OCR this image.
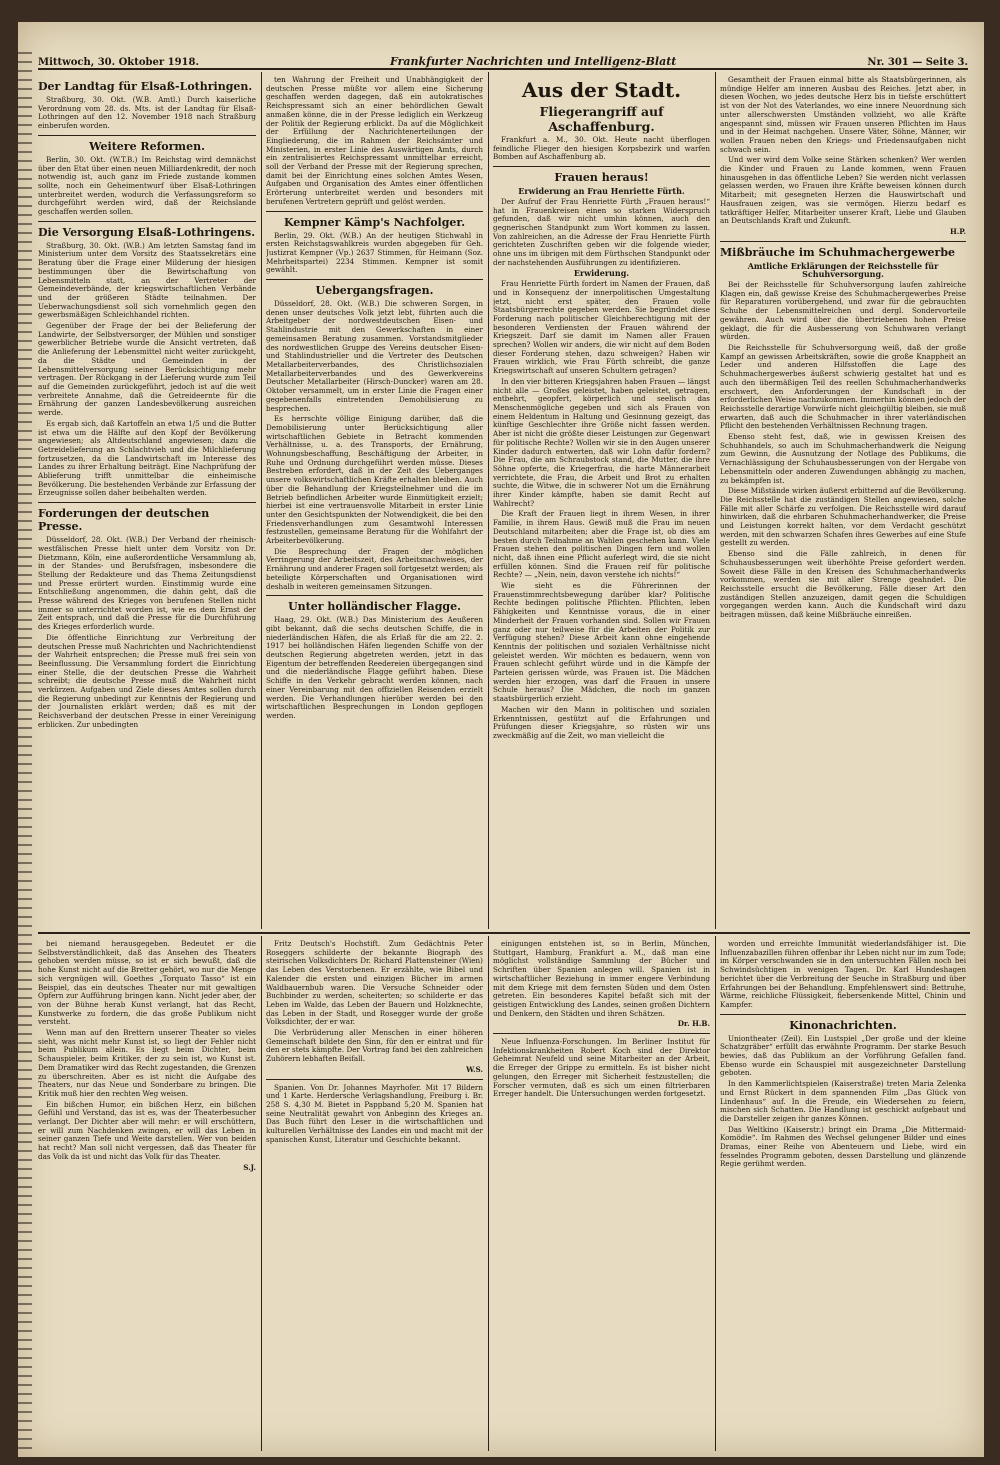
Mittwoch, 30. Oktober 1918.	Frankfurter Nachrichten und Intelligenz-Blatt	Nr. 301 — Seite 3.
Der Landtag für Elsaß-Lothringen.

Straßburg, 30. Okt. (W.B. Amtl.) Durch kaiserliche Verordnung vom 28. ds. Mts. ist der Landtag für Elsaß-Lothringen auf den 12. November 1918 nach Straßburg einberufen worden.

Weitere Reformen.

Berlin, 30. Okt. (W.T.B.) Im Reichstag wird demnächst über den Etat über einen neuen Milliardenkredit, der noch notwendig ist, auch ganz im Friede zustande kommen sollte, noch ein Geheimentwurf über Elsaß-Lothringen unterbreitet werden, wodurch die Verfassungsreform so durchgeführt werden wird, daß der Reichslande geschaffen werden sollen.

Die Versorgung Elsaß-Lothringens.

Straßburg, 30. Okt. (W.B.) Am letzten Samstag fand im Ministerium unter dem Vorsitz des Staatssekretärs eine Beratung über die Frage einer Milderung der hiesigen bestimmungen über die Bewirtschaftung von Lebensmitteln statt, an der Vertreter der Gemeindeverbände, der kriegswirtschaftlichen Verbände und der größeren Städte teilnahmen. Der Ueberwachungsdienst soll sich vornehmlich gegen den gewerbsmäßigen Schleichhandel richten.

Gegenüber der Frage der bei der Belieferung der Landwirte, der Selbstversorger, der Mühlen und sonstiger gewerblicher Betriebe wurde die Ansicht vertreten, daß die Anlieferung der Lebensmittel nicht weiter zurückgeht, da die Städte und Gemeinden in der Lebensmittelversorgung seiner Berücksichtigung mehr vertragen. Der Rückgang in der Lieferung wurde zum Teil auf die Gemeinden zurückgeführt, jedoch ist auf die weit verbreitete Annahme, daß die Getreideernte für die Ernährung der ganzen Landesbevölkerung ausreichen werde.

Es ergab sich, daß Kartoffeln an etwa 1/5 und die Butter ist etwa um die Hälfte auf den Kopf der Bevölkerung angewiesen; als Altdeutschland angewiesen; dazu die Getreidelieferung an Schlachtvieh und die Milchlieferung fortzusetzen, da die Landwirtschaft im Interesse des Landes zu ihrer Erhaltung beiträgt. Eine Nachprüfung der Ablieferung trifft unmittelbar die einheimische Bevölkerung. Die bestehenden Verbände zur Erfassung der Erzeugnisse sollen daher beibehalten werden.

Forderungen der deutschen Presse.

Düsseldorf, 28. Okt. (W.B.) Der Verband der rheinisch-westfälischen Presse hielt unter dem Vorsitz von Dr. Dietzmann, Köln, eine außerordentliche Versammlung ab, in der Standes- und Berufsfragen, insbesondere die Stellung der Redakteure und das Thema Zeitungsdienst und Presse erörtert wurden. Einstimmig wurde eine Entschließung angenommen, die dahin geht, daß die Presse während des Krieges von berufenen Stellen nicht immer so unterrichtet worden ist, wie es dem Ernst der Zeit entsprach, und daß die Presse für die Durchführung des Krieges erforderlich wurde.

Die öffentliche Einrichtung zur Verbreitung der deutschen Presse muß Nachrichten und Nachrichtendienst der Wahrheit entsprechen; die Presse muß frei sein von Beeinflussung. Die Versammlung fordert die Einrichtung einer Stelle, die der deutschen Presse die Wahrheit schreibt; die deutsche Presse muß die Wahrheit nicht verkürzen. Aufgaben und Ziele dieses Amtes sollen durch die Regierung unbedingt zur Kenntnis der Regierung und der Journalisten erklärt werden; daß es mit der Reichsverband der deutschen Presse in einer Vereinigung erblicken. Zur unbedingten

ten Wahrung der Freiheit und Unabhängigkeit der deutschen Presse müßte vor allem eine Sicherung geschaffen werden dagegen, daß ein autokratisches Reichspressamt sich an einer behördlichen Gewalt anmaßen könne, die in der Presse lediglich ein Werkzeug der Politik der Regierung erblickt. Da auf die Möglichkeit der Erfüllung der Nachrichtenerteilungen der Eingliederung, die im Rahmen der Reichsämter und Ministerien, in erster Linie des Auswärtigen Amts, durch ein zentralisiertes Reichspressamt unmittelbar erreicht, soll der Verband der Presse mit der Regierung sprechen, damit bei der Einrichtung eines solchen Amtes Wesen, Aufgaben und Organisation des Amtes einer öffentlichen Erörterung unterbreitet werden und besonders mit berufenen Vertretern geprüft und gelöst werden.

Kempner Kämp's Nachfolger.

Berlin, 29. Okt. (W.B.) An der heutigen Stichwahl in ersten Reichstagswahlkreis wurden abgegeben für Geh. Justizrat Kempner (Vp.) 2637 Stimmen, für Heimann (Soz. Mehrheitspartei) 2234 Stimmen. Kempner ist somit gewählt.

Uebergangsfragen.

Düsseldorf, 28. Okt. (W.B.) Die schweren Sorgen, in denen unser deutsches Volk jetzt lebt, führten auch die Arbeitgeber der nordwestdeutschen Eisen- und Stahlindustrie mit den Gewerkschaften in einer gemeinsamen Beratung zusammen. Vorstandsmitglieder des nordwestlichen Gruppe des Vereins deutscher Eisen- und Stahlindustrieller und die Vertreter des Deutschen Metallarbeiterverbandes, des Christlichsozialen Metallarbeiterverbandes und des Gewerkvereins Deutscher Metallarbeiter (Hirsch-Duncker) waren am 28. Oktober versammelt, um in erster Linie die Fragen einer gegebenenfalls eintretenden Demobilisierung zu besprechen.

Es herrschte völlige Einigung darüber, daß die Demobilisierung unter Berücksichtigung aller wirtschaftlichen Gebiete in Betracht kommenden Verhältnisse, u. a. des Transports, der Ernährung, Wohnungsbeschaffung, Beschäftigung der Arbeiter, in Ruhe und Ordnung durchgeführt werden müsse. Dieses Bestreben erfordert, daß in der Zeit des Ueberganges unsere volkswirtschaftlichen Kräfte erhalten bleiben. Auch über die Behandlung der Kriegsteilnehmer und die im Betrieb befindlichen Arbeiter wurde Einmütigkeit erzielt; hierbei ist eine vertrauensvolle Mitarbeit in erster Linie unter den Gesichtspunkten der Notwendigkeit, die bei den Friedensverhandlungen zum Gesamtwohl Interessen festzustellen, gemeinsame Beratung für die Wohlfahrt der Arbeiterbevölkerung.

Die Besprechung der Fragen der möglichen Verringerung der Arbeitszeit, des Arbeitsnachweises, der Ernährung und anderer Fragen soll fortgesetzt werden; als beteiligte Körperschaften und Organisationen wird deshalb in weiteren gemeinsamen Sitzungen.

Unter holländischer Flagge.

Haag, 29. Okt. (W.B.) Das Ministerium des Aeußeren gibt bekannt, daß die sechs deutschen Schiffe, die in niederländischen Häfen, die als Erlaß für die am 22. 2. 1917 bei holländischen Häfen liegenden Schiffe von der deutschen Regierung abgetreten werden, jetzt in das Eigentum der betreffenden Reedereien übergegangen sind und die niederländische Flagge geführt haben. Diese Schiffe in den Verkehr gebracht werden können, nach einer Vereinbarung mit den offiziellen Reisenden erzielt werden. Die Verhandlungen hierüber werden bei den wirtschaftlichen Besprechungen in London gepflogen werden.

Aus der Stadt.
Fliegerangriff auf Aschaffenburg.

Frankfurt a. M., 30. Okt. Heute nacht überflogen feindliche Flieger den hiesigen Korpsbezirk und warfen Bomben auf Aschaffenburg ab.

Frauen heraus!
Erwiderung an Frau Henriette Fürth.

Der Aufruf der Frau Henriette Fürth „Frauen heraus!“ hat in Frauenkreisen einen so starken Widerspruch gefunden, daß wir nicht umhin können, auch den gegnerischen Standpunkt zum Wort kommen zu lassen. Von zahlreichen, an die Adresse der Frau Henriette Fürth gerichteten Zuschriften geben wir die folgende wieder, ohne uns im übrigen mit dem Fürthschen Standpunkt oder der nachstehenden Ausführungen zu identifizieren.

Erwiderung.

Frau Henriette Fürth fordert im Namen der Frauen, daß und in Konsequenz der innerpolitischen Umgestaltung jetzt, nicht erst später, den Frauen volle Staatsbürgerrechte gegeben werden. Sie begründet diese Forderung nach politischer Gleichberechtigung mit der besonderen Verdiensten der Frauen während der Kriegszeit. Darf sie damit im Namen aller Frauen sprechen? Wollen wir anders, die wir nicht auf dem Boden dieser Forderung stehen, dazu schweigen? Haben wir Frauen wirklich, wie Frau Fürth schreibt, die ganze Kriegswirtschaft auf unseren Schultern getragen?

In den vier bitteren Kriegsjahren haben Frauen — längst nicht alle — Großes geleistet, haben geleistet, getragen, entbehrt, geopfert, körperlich und seelisch das Menschenmögliche gegeben und sich als Frauen von einem Heldentum in Haltung und Gesinnung gezeigt, das künftige Geschlechter ihre Größe nicht fassen werden. Aber ist nicht die größte dieser Leistungen zur Gegenwart für politische Rechte? Wollen wir sie in den Augen unserer Kinder dadurch entwerten, daß wir Lohn dafür fordern? Die Frau, die am Schraubstock stand, die Mutter, die ihre Söhne opferte, die Kriegerfrau, die harte Männerarbeit verrichtete, die Frau, die Arbeit und Brot zu erhalten suchte, die Witwe, die in schwerer Not um die Ernährung ihrer Kinder kämpfte, haben sie damit Recht auf Wahlrecht?

Die Kraft der Frauen liegt in ihrem Wesen, in ihrer Familie, in ihrem Haus. Gewiß muß die Frau im neuen Deutschland mitarbeiten; aber die Frage ist, ob dies am besten durch Teilnahme an Wahlen geschehen kann. Viele Frauen stehen den politischen Dingen fern und wollen nicht, daß ihnen eine Pflicht auferlegt wird, die sie nicht erfüllen können. Sind die Frauen reif für politische Rechte? — „Nein, nein, davon verstehe ich nichts!“

Wie sieht es die Führerinnen der Frauenstimmrechtsbewegung darüber klar? Politische Rechte bedingen politische Pflichten. Pflichten, leben Fähigkeiten und Kenntnisse voraus, die in einer Minderheit der Frauen vorhanden sind. Sollen wir Frauen ganz oder nur teilweise für die Arbeiten der Politik zur Verfügung stehen? Diese Arbeit kann ohne eingehende Kenntnis der politischen und sozialen Verhältnisse nicht geleistet werden. Wir möchten es bedauern, wenn von Frauen schlecht geführt würde und in die Kämpfe der Parteien gerissen würde, was Frauen ist. Die Mädchen werden hier erzogen, was darf die Frauen in unsere Schule heraus? Die Mädchen, die noch im ganzen staatsbürgerlich erzieht.

Machen wir den Mann in politischen und sozialen Erkenntnissen, gestützt auf die Erfahrungen und Prüfungen dieser Kriegsjahre, so rüsten wir uns zweckmäßig auf die Zeit, wo man vielleicht die

Gesamtheit der Frauen einmal bitte als Staatsbürgerinnen, als mündige Helfer am inneren Ausbau des Reiches. Jetzt aber, in diesen Wochen, wo jedes deutsche Herz bis in tiefste erschüttert ist von der Not des Vaterlandes, wo eine innere Neuordnung sich unter allerschwersten Umständen vollzieht, wo alle Kräfte angespannt sind, müssen wir Frauen unseren Pflichten im Haus und in der Heimat nachgehen. Unsere Väter, Söhne, Männer, wir wollen Frauen neben den Kriegs- und Friedensaufgaben nicht schwach sein.

Und wer wird dem Volke seine Stärken schenken? Wer werden die Kinder und Frauen zu Lande kommen, wenn Frauen hinausgehen in das öffentliche Leben? Sie werden nicht verlassen gelassen werden, wo Frauen ihre Kräfte beweisen können durch Mitarbeit; mit gesegneten Herzen die Hauswirtschaft und Hausfrauen zeigen, was sie vermögen. Hierzu bedarf es tatkräftiger Helfer, Mitarbeiter unserer Kraft, Liebe und Glauben an Deutschlands Kraft und Zukunft.

H.P.
Mißbräuche im Schuhmachergewerbe
Amtliche Erklärungen der Reichsstelle für Schuhversorgung.

Bei der Reichsstelle für Schuhversorgung laufen zahlreiche Klagen ein, daß gewisse Kreise des Schuhmachergewerbes Preise für Reparaturen vorübergehend, und zwar für die gebrauchten Schuhe der Lebensmittelreichen und dergl. Sondervorteile gewähren. Auch wird über die übertriebenen hohen Preise geklagt, die für die Ausbesserung von Schuhwaren verlangt würden.

Die Reichsstelle für Schuhversorgung weiß, daß der große Kampf an gewissen Arbeitskräften, sowie die große Knappheit an Leder und anderen Hilfsstoffen die Lage des Schuhmachergewerbes äußerst schwierig gestaltet hat und es auch den übermäßigen Teil des reellen Schuhmacherhandwerks erschwert, den Anforderungen der Kundschaft in der erforderlichen Weise nachzukommen. Immerhin können jedoch der Reichsstelle derartige Vorwürfe nicht gleichgültig bleiben, sie muß erwarten, daß auch die Schuhmacher in ihrer vaterländischen Pflicht den bestehenden Verhältnissen Rechnung tragen.

Ebenso steht fest, daß, wie in gewissen Kreisen des Schuhhandels, so auch im Schuhmacherhandwerk die Neigung zum Gewinn, die Ausnutzung der Notlage des Publikums, die Vernachlässigung der Schuhausbesserungen von der Hergabe von Lebensmitteln oder anderen Zuwendungen abhängig zu machen, zu bekämpfen ist.

Diese Mißstände wirken äußerst erbitternd auf die Bevölkerung. Die Reichsstelle hat die zuständigen Stellen angewiesen, solche Fälle mit aller Schärfe zu verfolgen. Die Reichsstelle wird darauf hinwirken, daß die ehrbaren Schuhmacherhandwerker, die Preise und Leistungen korrekt halten, vor dem Verdacht geschützt werden, mit den schwarzen Schafen ihres Gewerbes auf eine Stufe gestellt zu werden.

Ebenso sind die Fälle zahlreich, in denen für Schuhausbesserungen weit überhöhte Preise gefordert werden. Soweit diese Fälle in den Kreisen des Schuhmacherhandwerks vorkommen, werden sie mit aller Strenge geahndet. Die Reichsstelle ersucht die Bevölkerung, Fälle dieser Art den zuständigen Stellen anzuzeigen, damit gegen die Schuldigen vorgegangen werden kann. Auch die Kundschaft wird dazu beitragen müssen, daß keine Mißbräuche einreißen.

bei niemand herausgegeben. Bedeutet er die Selbstverständlichkeit, daß das Ansehen des Theaters gehoben werden müsse, so ist er sich bewußt, daß die hohe Kunst nicht auf die Bretter gehört, wo nur die Menge sich vergnügen will. Goethes „Torquato Tasso“ ist ein Beispiel, das ein deutsches Theater nur mit gewaltigen Opfern zur Aufführung bringen kann. Nicht jeder aber, der von der Bühne herab Kunst verlangt, hat das Recht, Kunstwerke zu fordern, die das große Publikum nicht versteht.

Wenn man auf den Brettern unserer Theater so vieles sieht, was nicht mehr Kunst ist, so liegt der Fehler nicht beim Publikum allein. Es liegt beim Dichter, beim Schauspieler, beim Kritiker, der zu sein ist, wo Kunst ist. Dem Dramatiker wird das Recht zugestanden, die Grenzen zu überschreiten. Aber es ist nicht die Aufgabe des Theaters, nur das Neue und Sonderbare zu bringen. Die Kritik muß hier den rechten Weg weisen.

Ein bißchen Humor, ein bißchen Herz, ein bißchen Gefühl und Verstand, das ist es, was der Theaterbesucher verlangt. Der Dichter aber will mehr: er will erschüttern, er will zum Nachdenken zwingen, er will das Leben in seiner ganzen Tiefe und Weite darstellen. Wer von beiden hat recht? Man soll nicht vergessen, daß das Theater für das Volk da ist und nicht das Volk für das Theater.

S.J.

Fritz Deutsch's Hochstift. Zum Gedächtnis Peter Roseggers schilderte der bekannte Biograph des steirischen Volksdichters Dr. Richard Plattensteiner (Wien) das Leben des Verstorbenen. Er erzählte, wie Bibel und Kalender die ersten und einzigen Bücher im armen Waldbauernbub waren. Die Versuche Schneider oder Buchbinder zu werden, scheiterten; so schilderte er das Leben im Walde, das Leben der Bauern und Holzknechte, das Leben in der Stadt, und Rosegger wurde der große Volksdichter, der er war.

Die Verbrüderung aller Menschen in einer höheren Gemeinschaft bildete den Sinn, für den er eintrat und für den er stets kämpfte. Der Vortrag fand bei den zahlreichen Zuhörern lebhaften Beifall.

W.S.

Spanien. Von Dr. Johannes Mayrhofer. Mit 17 Bildern und 1 Karte. Herdersche Verlagshandlung, Freiburg i. Br. 258 S. 4,30 M. Bietet in Pappband 5,20 M. Spanien hat seine Neutralität gewahrt von Anbeginn des Krieges an. Das Buch führt den Leser in die wirtschaftlichen und kulturellen Verhältnisse des Landes ein und macht mit der spanischen Kunst, Literatur und Geschichte bekannt.

einigungen entstehen ist, so in Berlin, München, Stuttgart, Hamburg, Frankfurt a. M., daß man eine möglichst vollständige Sammlung der Bücher und Schriften über Spanien anlegen will. Spanien ist in wirtschaftlicher Beziehung in immer engere Verbindung mit dem Kriege mit dem fernsten Süden und dem Osten getreten. Ein besonderes Kapitel befaßt sich mit der geistigen Entwicklung des Landes, seinen großen Dichtern und Denkern, den Städten und ihren Schätzen.

Dr. H.B.

Neue Influenza-Forschungen. Im Berliner Institut für Infektionskrankheiten Robert Koch sind der Direktor Geheimrat Neufeld und seine Mitarbeiter an der Arbeit, die Erreger der Grippe zu ermitteln. Es ist bisher nicht gelungen, den Erreger mit Sicherheit festzustellen; die Forscher vermuten, daß es sich um einen filtrierbaren Erreger handelt. Die Untersuchungen werden fortgesetzt.

worden und erreichte Immunität wiederlandsfähiger ist. Die Influenzabazillen führen offenbar ihr Leben nicht nur im zum Tode; im Körper verschwanden sie in den untersuchten Fällen noch bei Schwindsüchtigen in wenigen Tagen. Dr. Karl Hundeshagen berichtet über die Verbreitung der Seuche in Straßburg und über Erfahrungen bei der Behandlung. Empfehlenswert sind: Bettruhe, Wärme, reichliche Flüssigkeit, fiebersenkende Mittel, Chinin und Kampfer.

Kinonachrichten.

Uniontheater (Zeil). Ein Lustspiel „Der große und der kleine Schatzgräber“ erfüllt das erwähnte Programm. Der starke Besuch bewies, daß das Publikum an der Vorführung Gefallen fand. Ebenso wurde ein Schauspiel mit ausgezeichneter Darstellung geboten.

In den Kammerlichtspielen (Kaiserstraße) treten Maria Zelenka und Ernst Rückert in dem spannenden Film „Das Glück von Lindenhaus“ auf. In die Freude, ein Wiedersehen zu feiern, mischen sich Schatten. Die Handlung ist geschickt aufgebaut und die Darsteller zeigen ihr ganzes Können.

Das Weltkino (Kaiserstr.) bringt ein Drama „Die Mittermaid-Komödie“. Im Rahmen des Wechsel gelungener Bilder und eines Dramas, einer Reihe von Abenteuern und Liebe, wird ein fesselndes Programm geboten, dessen Darstellung und glänzende Regie gerühmt werden.
